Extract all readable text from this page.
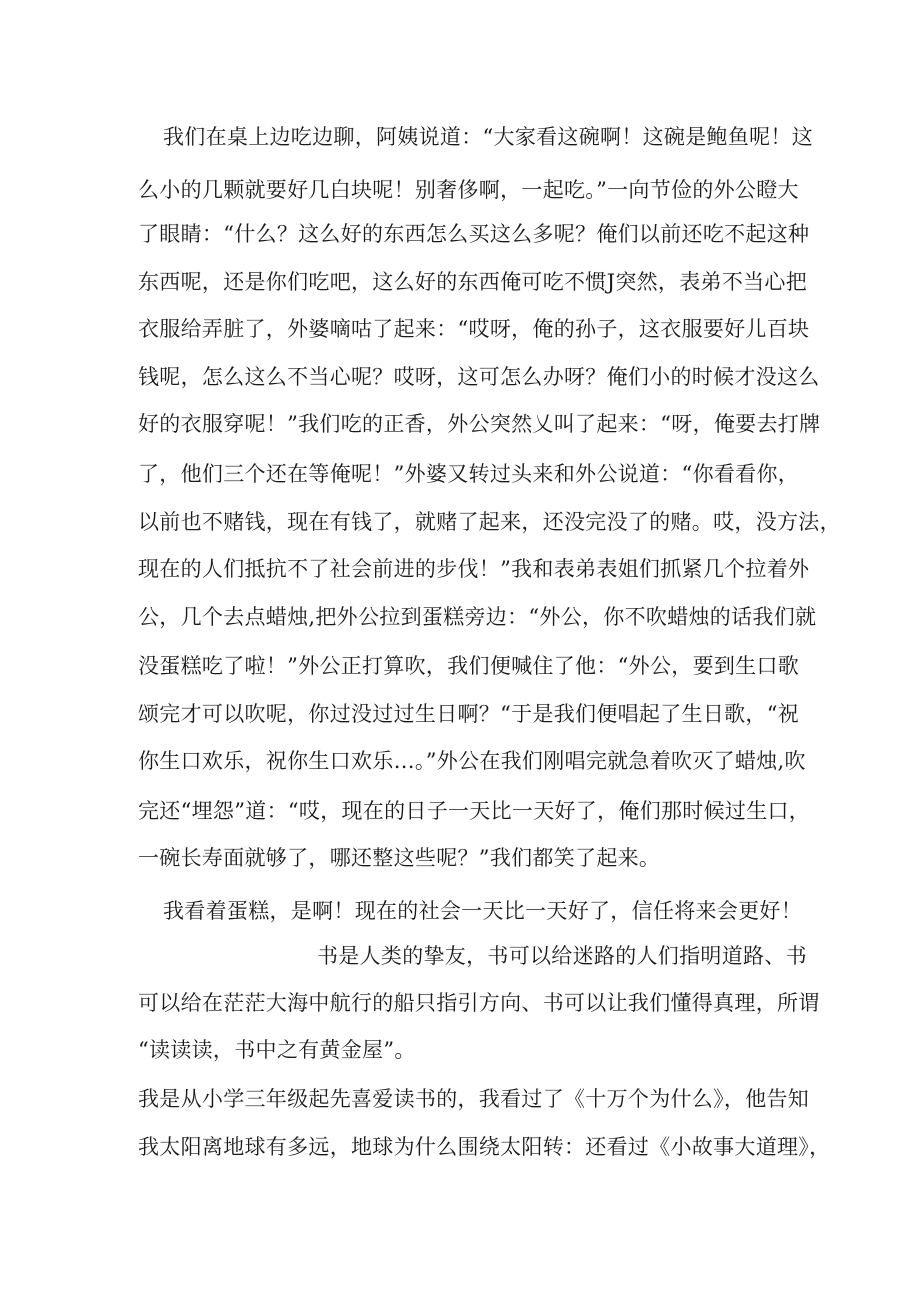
我们在桌上边吃边聊，阿姨说道：“大家看这碗啊！这碗是鲍鱼呢！这
么小的几颗就要好几白块呢！别奢侈啊，一起吃。”一向节俭的外公瞪大
了眼睛：“什么？这么好的东西怎么买这么多呢？俺们以前还吃不起这种
东西呢，还是你们吃吧，这么好的东西俺可吃不惯J突然，表弟不当心把
衣服给弄脏了，外婆嘀咕了起来：“哎呀，俺的孙子，这衣服要好儿百块
钱呢，怎么这么不当心呢？哎呀，这可怎么办呀？俺们小的时候才没这么
好的衣服穿呢！”我们吃的正香，外公突然乂叫了起来：“呀，俺要去打牌
了，他们三个还在等俺呢！”外婆又转过头来和外公说道：“你看看你，
以前也不赌钱，现在有钱了，就赌了起来，还没完没了的赌。哎，没方法，
现在的人们抵抗不了社会前进的步伐！”我和表弟表姐们抓紧几个拉着外
公，几个去点蜡烛,把外公拉到蛋糕旁边：“外公，你不吹蜡烛的话我们就
没蛋糕吃了啦！”外公正打算吹，我们便喊住了他：“外公，要到生口歌
颂完才可以吹呢，你过没过过生日啊？“于是我们便唱起了生日歌，“祝
你生口欢乐，祝你生口欢乐…。”外公在我们刚唱完就急着吹灭了蜡烛,吹
完还“埋怨”道：“哎，现在的日子一天比一天好了，俺们那时候过生口，
一碗长寿面就够了，哪还整这些呢？”我们都笑了起来。
我看着蛋糕，是啊！现在的社会一天比一天好了，信任将来会更好！
书是人类的挚友，书可以给迷路的人们指明道路、书
可以给在茫茫大海中航行的船只指引方向、书可以让我们懂得真理，所谓
“读读读，书中之有黄金屋”。
我是从小学三年级起先喜爱读书的，我看过了《十万个为什么》，他告知
我太阳离地球有多远，地球为什么围绕太阳转：还看过《小故事大道理》，
